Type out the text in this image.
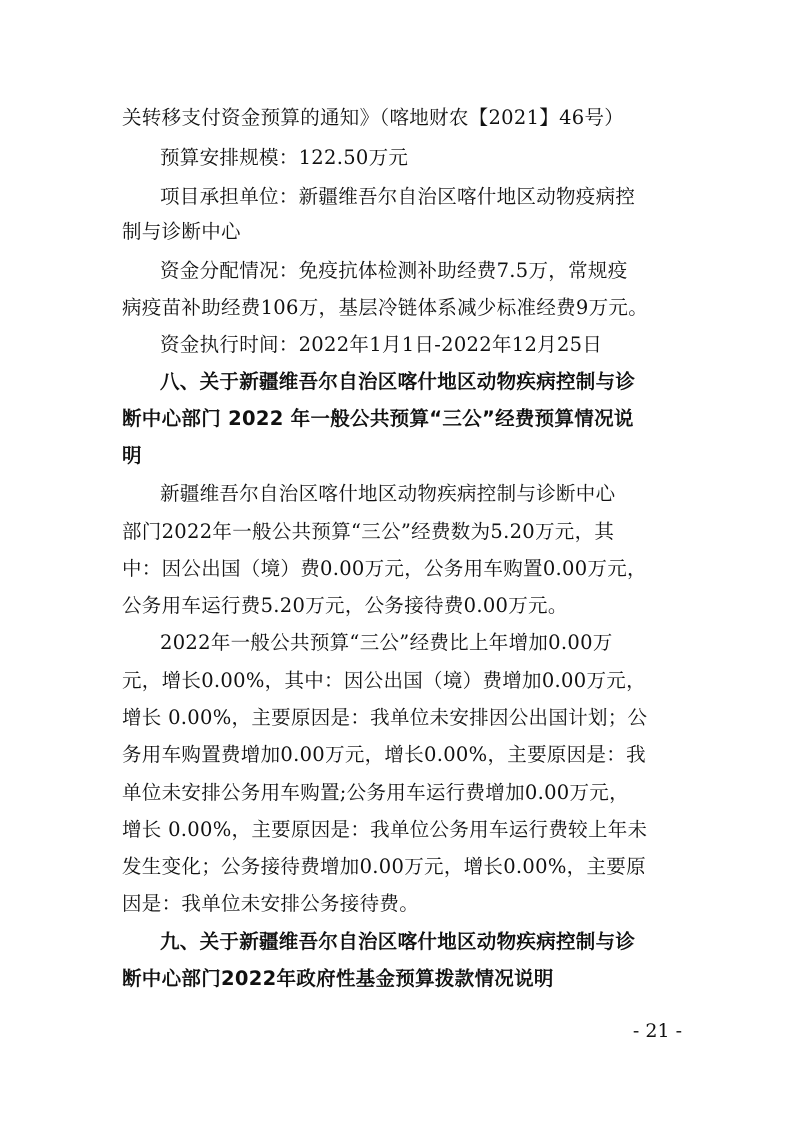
关转移支付资金预算的通知》（喀地财农【2021】46号）
预算安排规模：122.50万元
项目承担单位：新疆维吾尔自治区喀什地区动物疫病控
制与诊断中心
资金分配情况：免疫抗体检测补助经费7.5万，常规疫
病疫苗补助经费106万，基层冷链体系减少标准经费9万元。
资金执行时间：2022年1月1日-2022年12月25日
八、关于新疆维吾尔自治区喀什地区动物疾病控制与诊
断中心部门 2022 年一般公共预算“三公”经费预算情况说
明
新疆维吾尔自治区喀什地区动物疾病控制与诊断中心
部门2022年一般公共预算“三公”经费数为5.20万元，其
中：因公出国（境）费0.00万元，公务用车购置0.00万元，
公务用车运行费5.20万元，公务接待费0.00万元。
2022年一般公共预算“三公”经费比上年增加0.00万
元，增长0.00%，其中：因公出国（境）费增加0.00万元，
增长 0.00%，主要原因是：我单位未安排因公出国计划；公
务用车购置费增加0.00万元，增长0.00%，主要原因是：我
单位未安排公务用车购置;公务用车运行费增加0.00万元，
增长 0.00%，主要原因是：我单位公务用车运行费较上年未
发生变化；公务接待费增加0.00万元，增长0.00%，主要原
因是：我单位未安排公务接待费。
九、关于新疆维吾尔自治区喀什地区动物疾病控制与诊
断中心部门2022年政府性基金预算拨款情况说明
- 21 -
